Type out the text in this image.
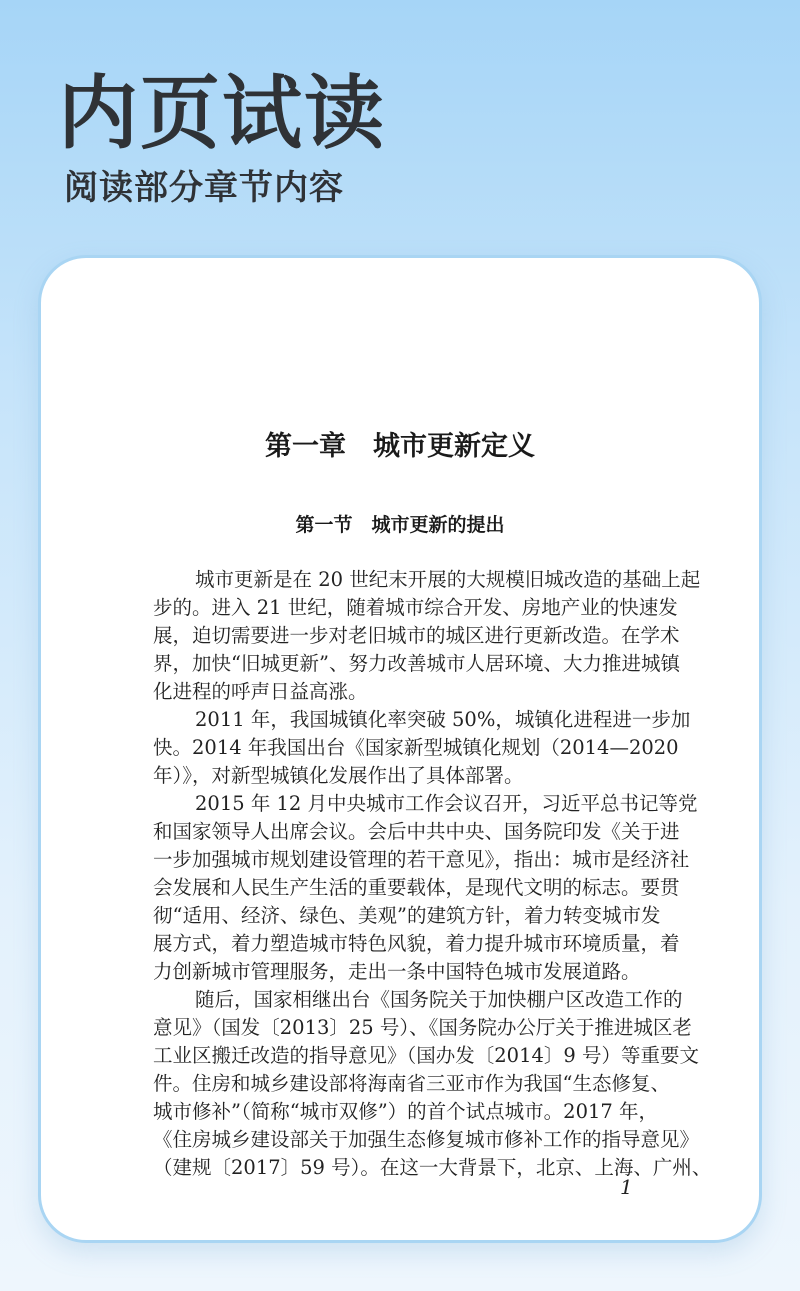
内页试读
阅读部分章节内容
第一章　城市更新定义
第一节　城市更新的提出
城市更新是在 20 世纪末开展的大规模旧城改造的基础上起
步的。进入 21 世纪，随着城市综合开发、房地产业的快速发
展，迫切需要进一步对老旧城市的城区进行更新改造。在学术
界，加快“旧城更新”、努力改善城市人居环境、大力推进城镇
化进程的呼声日益高涨。
2011 年，我国城镇化率突破 50%，城镇化进程进一步加
快。2014 年我国出台《国家新型城镇化规划（2014—2020
年）》，对新型城镇化发展作出了具体部署。
2015 年 12 月中央城市工作会议召开，习近平总书记等党
和国家领导人出席会议。会后中共中央、国务院印发《关于进
一步加强城市规划建设管理的若干意见》，指出：城市是经济社
会发展和人民生产生活的重要载体，是现代文明的标志。要贯
彻“适用、经济、绿色、美观”的建筑方针，着力转变城市发
展方式，着力塑造城市特色风貌，着力提升城市环境质量，着
力创新城市管理服务，走出一条中国特色城市发展道路。
随后，国家相继出台《国务院关于加快棚户区改造工作的
意见》（国发〔2013〕25 号）、《国务院办公厅关于推进城区老
工业区搬迁改造的指导意见》（国办发〔2014〕9 号）等重要文
件。住房和城乡建设部将海南省三亚市作为我国“生态修复、
城市修补”（简称“城市双修”）的首个试点城市。2017 年，
《住房城乡建设部关于加强生态修复城市修补工作的指导意见》
（建规〔2017〕59 号）。在这一大背景下，北京、上海、广州、
1
